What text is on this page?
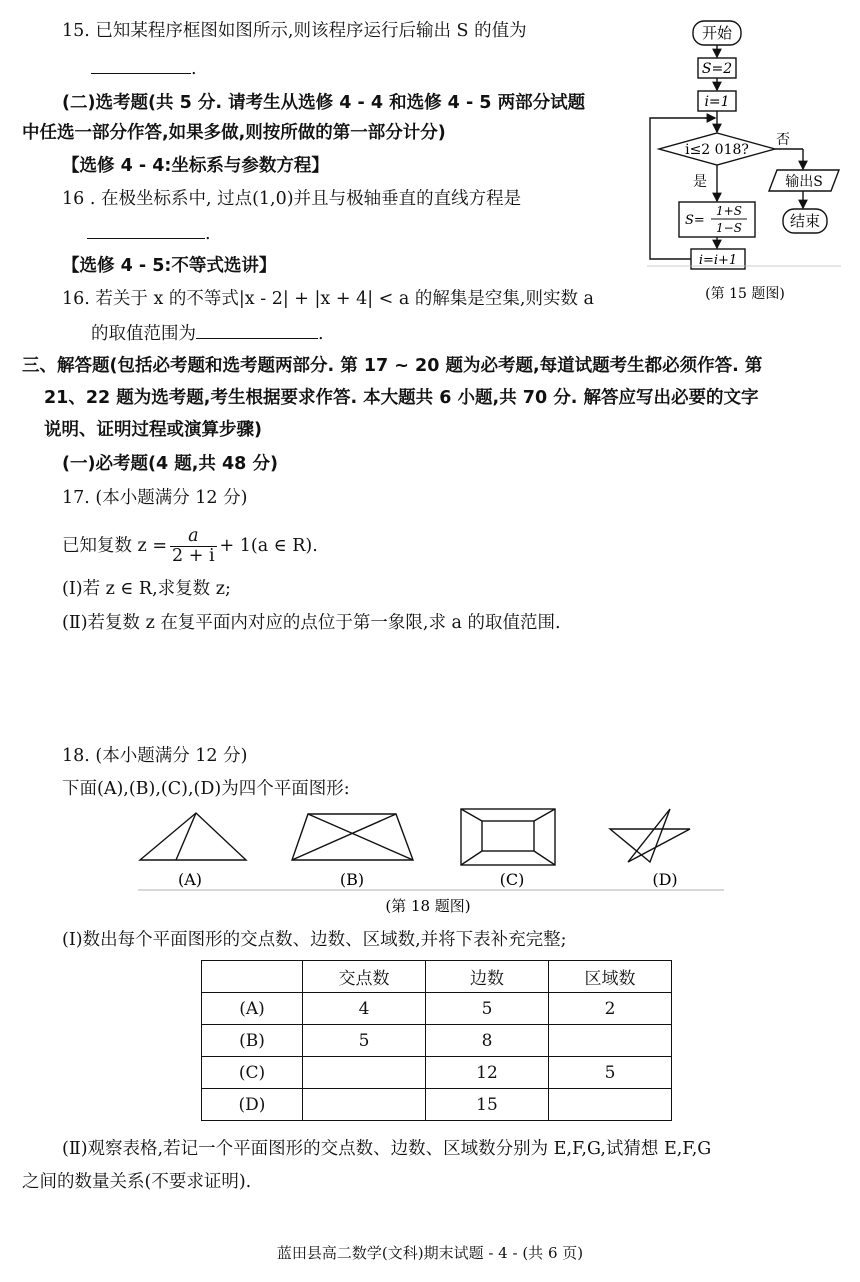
15. 已知某程序框图如图所示,则该程序运行后输出 S 的值为
.
(二)选考题(共 5 分. 请考生从选修 4 - 4 和选修 4 - 5 两部分试题
中任选一部分作答,如果多做,则按所做的第一部分计分)
【选修 4 - 4:坐标系与参数方程】
16 . 在极坐标系中, 过点(1,0)并且与极轴垂直的直线方程是
.
【选修 4 - 5:不等式选讲】
16. 若关于 x 的不等式|x - 2| + |x + 4| < a 的解集是空集,则实数 a
的取值范围为	.
开始
S=2
i=1
i≤2 018?
否
是	输出S
结束
S=
1+S
1−S
i=i+1
(第 15 题图)
三、解答题(包括必考题和选考题两部分. 第 17 ~ 20 题为必考题,每道试题考生都必须作答. 第
21、22 题为选考题,考生根据要求作答. 本大题共 6 小题,共 70 分. 解答应写出必要的文字
说明、证明过程或演算步骤)
(一)必考题(4 题,共 48 分)
17. (本小题满分 12 分)
已知复数 $z = \frac{a}{2 + i} + 1(a$ ∈ R).
(Ⅰ)若 z ∈ R,求复数 z;
(Ⅱ)若复数 z 在复平面内对应的点位于第一象限,求 a 的取值范围.
18. (本小题满分 12 分)
下面(A),(B),(C),(D)为四个平面图形:
(A)	(B)	(C)	(D)
(第 18 题图)
(Ⅰ)数出每个平面图形的交点数、边数、区域数,并将下表补充完整;
	交点数	边数	区域数
(A)	4	5	2
(B)	5	8	
(C)		12	5
(D)		15	
(Ⅱ)观察表格,若记一个平面图形的交点数、边数、区域数分别为 E,F,G,试猜想 E,F,G
之间的数量关系(不要求证明).
蓝田县高二数学(文科)期末试题 - 4 - (共 6 页)
